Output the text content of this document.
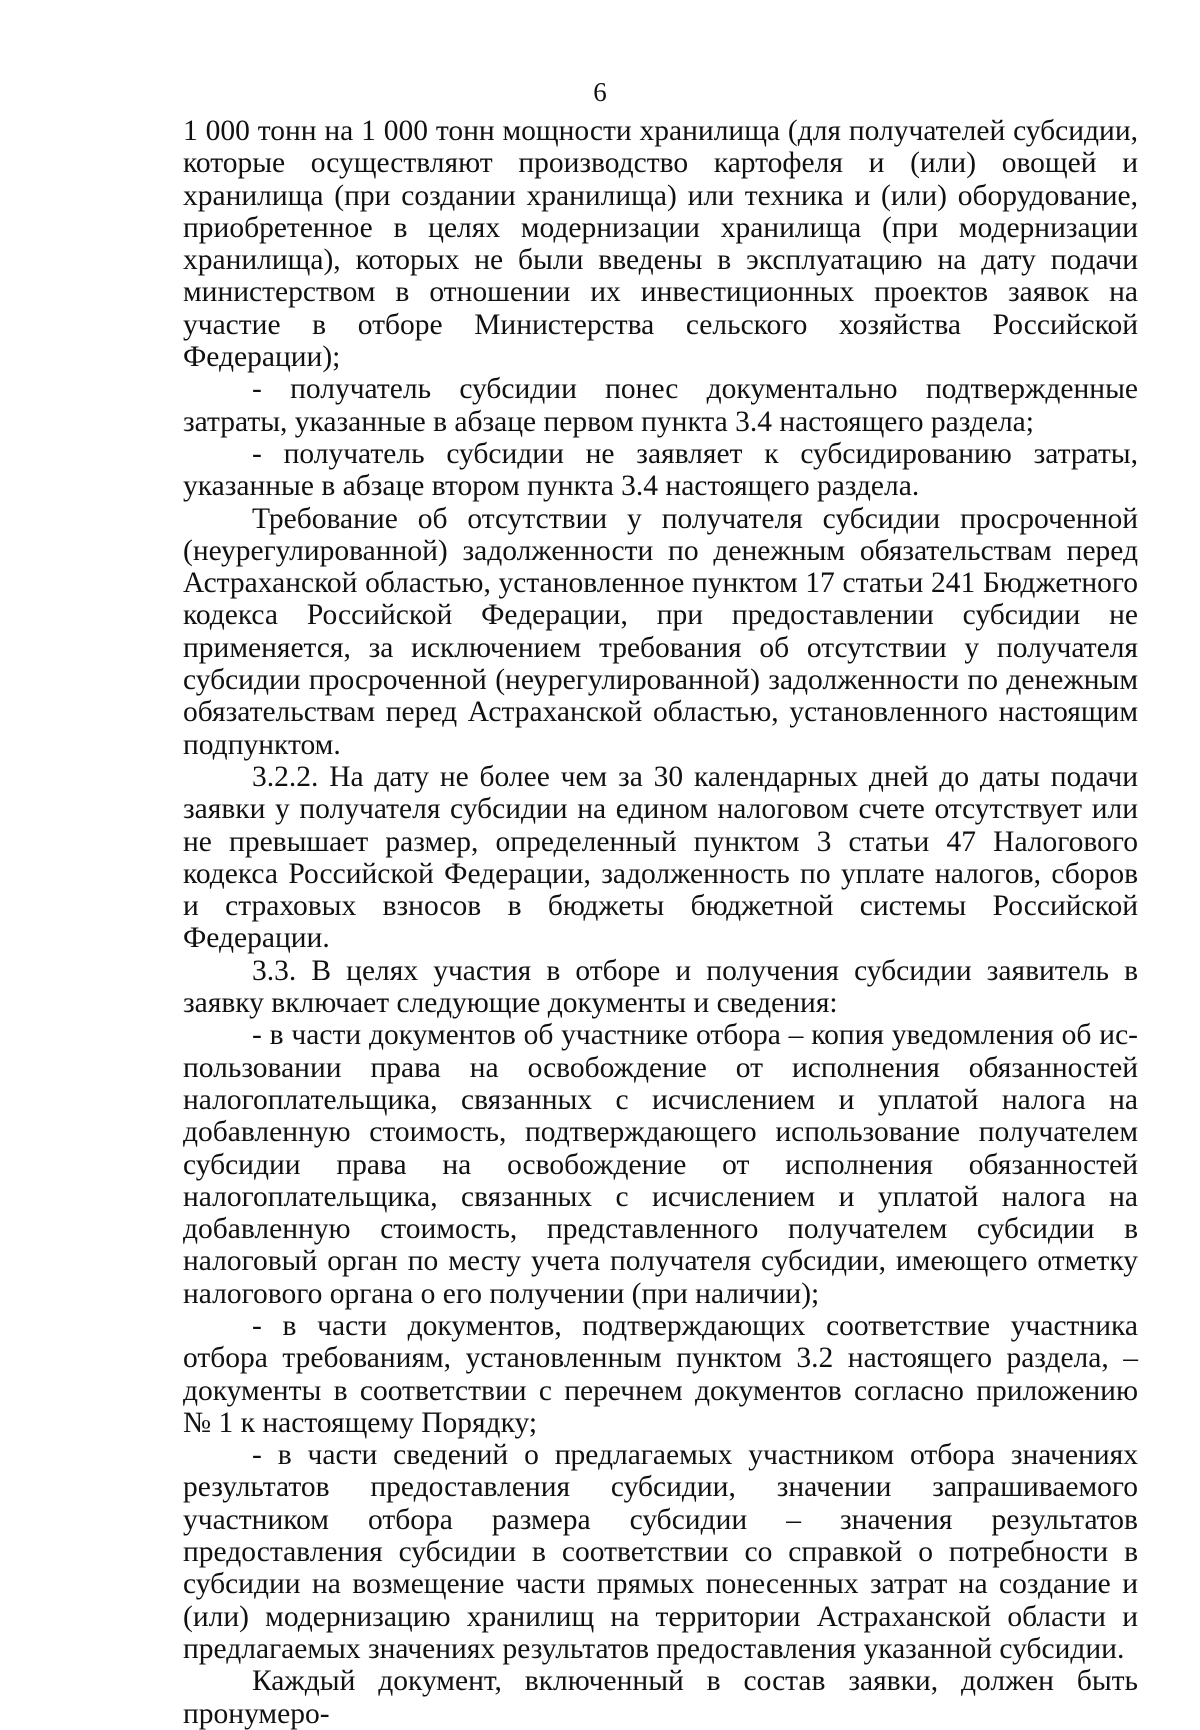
6

1 000 тонн на 1 000 тонн мощности хранилища (для получателей субсидии, которые осуществляют производство картофеля и (или) овощей и хранилища (при создании хранилища) или техника и (или) оборудование, приобретенное в целях модернизации хранилища (при модернизации хранилища), которых не были введены в эксплуатацию на дату подачи министерством в отношении их инвестиционных проектов заявок на участие в отборе Министерства сельского хозяйства Российской Федерации);

- получатель субсидии понес документально подтвержденные затраты, указанные в абзаце первом пункта 3.4 настоящего раздела;

- получатель субсидии не заявляет к субсидированию затраты, указанные в абзаце втором пункта 3.4 настоящего раздела.

Требование об отсутствии у получателя субсидии просроченной (неурегулированной) задолженности по денежным обязательствам перед Астраханской областью, установленное пунктом 17 статьи 241 Бюджетного кодекса Российской Федерации, при предоставлении субсидии не применяется, за исключением требования об отсутствии у получателя субсидии просроченной (неурегулированной) задолженности по денежным обязательствам перед Астраханской областью, установленного настоящим подпунктом.

3.2.2. На дату не более чем за 30 календарных дней до даты подачи заявки у получателя субсидии на едином налоговом счете отсутствует или не превышает размер, определенный пунктом 3 статьи 47 Налогового кодекса Российской Федерации, задолженность по уплате налогов, сборов и страховых взносов в бюджеты бюджетной системы Российской Федерации.

3.3. В целях участия в отборе и получения субсидии заявитель в заявку включает следующие документы и сведения:

- в части документов об участнике отбора – копия уведомления об использовании права на освобождение от исполнения обязанностей налогоплательщика, связанных с исчислением и уплатой налога на добавленную стоимость, подтверждающего использование получателем субсидии права на освобождение от исполнения обязанностей налогоплательщика, связанных с исчислением и уплатой налога на добавленную стоимость, представленного получателем субсидии в налоговый орган по месту учета получателя субсидии, имеющего отметку налогового органа о его получении (при наличии);

- в части документов, подтверждающих соответствие участника отбора требованиям, установленным пунктом 3.2 настоящего раздела, – документы в соответствии с перечнем документов согласно приложению № 1 к настоящему Порядку;

- в части сведений о предлагаемых участником отбора значениях результатов предоставления субсидии, значении запрашиваемого участником отбора размера субсидии – значения результатов предоставления субсидии в соответствии со справкой о потребности в субсидии на возмещение части прямых понесенных затрат на создание и (или) модернизацию хранилищ на территории Астраханской области и предлагаемых значениях результатов предоставления указанной субсидии.

Каждый документ, включенный в состав заявки, должен быть пронумеро-
